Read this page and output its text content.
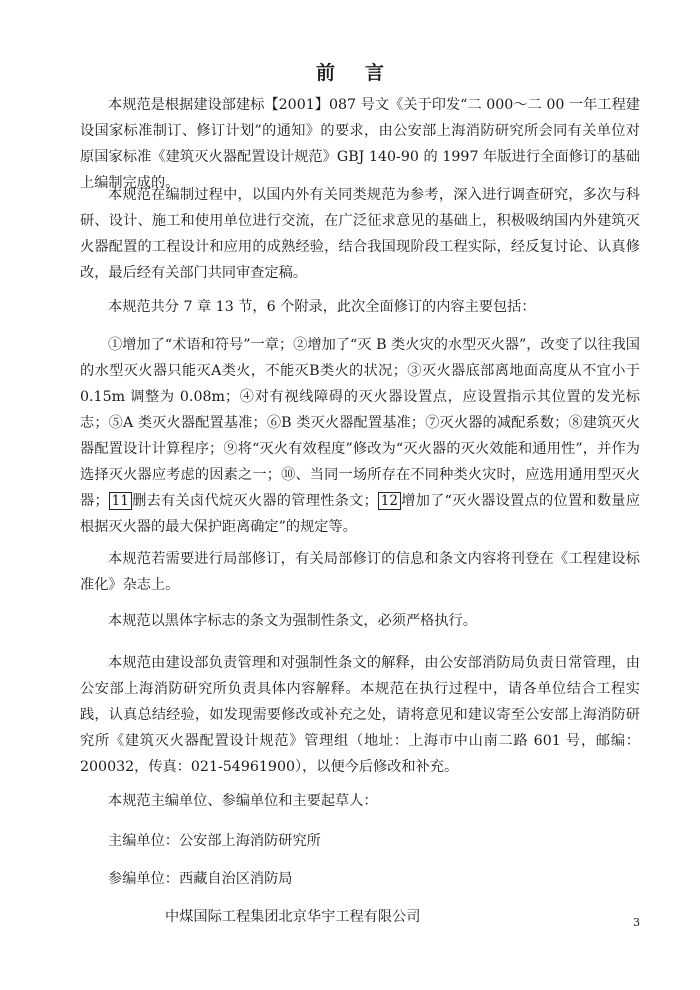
前 言

本规范是根据建设部建标【2001】087 号文《关于印发“二 000～二 00 一年工程建设国家标准制订、修订计划”的通知》的要求，由公安部上海消防研究所会同有关单位对原国家标准《建筑灭火器配置设计规范》GBJ 140-90 的 1997 年版进行全面修订的基础上编制完成的。

本规范在编制过程中，以国内外有关同类规范为参考，深入进行调查研究，多次与科研、设计、施工和使用单位进行交流，在广泛征求意见的基础上，积极吸纳国内外建筑灭火器配置的工程设计和应用的成熟经验，结合我国现阶段工程实际，经反复讨论、认真修改，最后经有关部门共同审查定稿。

本规范共分 7 章 13 节，6 个附录，此次全面修订的内容主要包括：

①增加了“术语和符号”一章；②增加了“灭 B 类火灾的水型灭火器”，改变了以往我国的水型灭火器只能灭A类火，不能灭B类火的状况；③灭火器底部离地面高度从不宜小于 0.15m 调整为 0.08m；④对有视线障碍的灭火器设置点，应设置指示其位置的发光标志；⑤A 类灭火器配置基准；⑥B 类灭火器配置基准；⑦灭火器的减配系数；⑧建筑灭火器配置设计计算程序；⑨将“灭火有效程度”修改为“灭火器的灭火效能和通用性”，并作为选择灭火器应考虑的因素之一；⑩、当同一场所存在不同种类火灾时，应选用通用型灭火器； 11 删去有关卤代烷灭火器的管理性条文； 12 增加了“灭火器设置点的位置和数量应根据灭火器的最大保护距离确定”的规定等。

本规范若需要进行局部修订，有关局部修订的信息和条文内容将刊登在《工程建设标准化》杂志上。

本规范以黑体字标志的条文为强制性条文，必须严格执行。

本规范由建设部负责管理和对强制性条文的解释，由公安部消防局负责日常管理，由公安部上海消防研究所负责具体内容解释。本规范在执行过程中，请各单位结合工程实践，认真总结经验，如发现需要修改或补充之处，请将意见和建议寄至公安部上海消防研究所《建筑灭火器配置设计规范》管理组（地址：上海市中山南二路 601 号，邮编：200032，传真：021-54961900），以便今后修改和补充。

本规范主编单位、参编单位和主要起草人：

主编单位：公安部上海消防研究所

参编单位：西藏自治区消防局

中煤国际工程集团北京华宇工程有限公司	3
